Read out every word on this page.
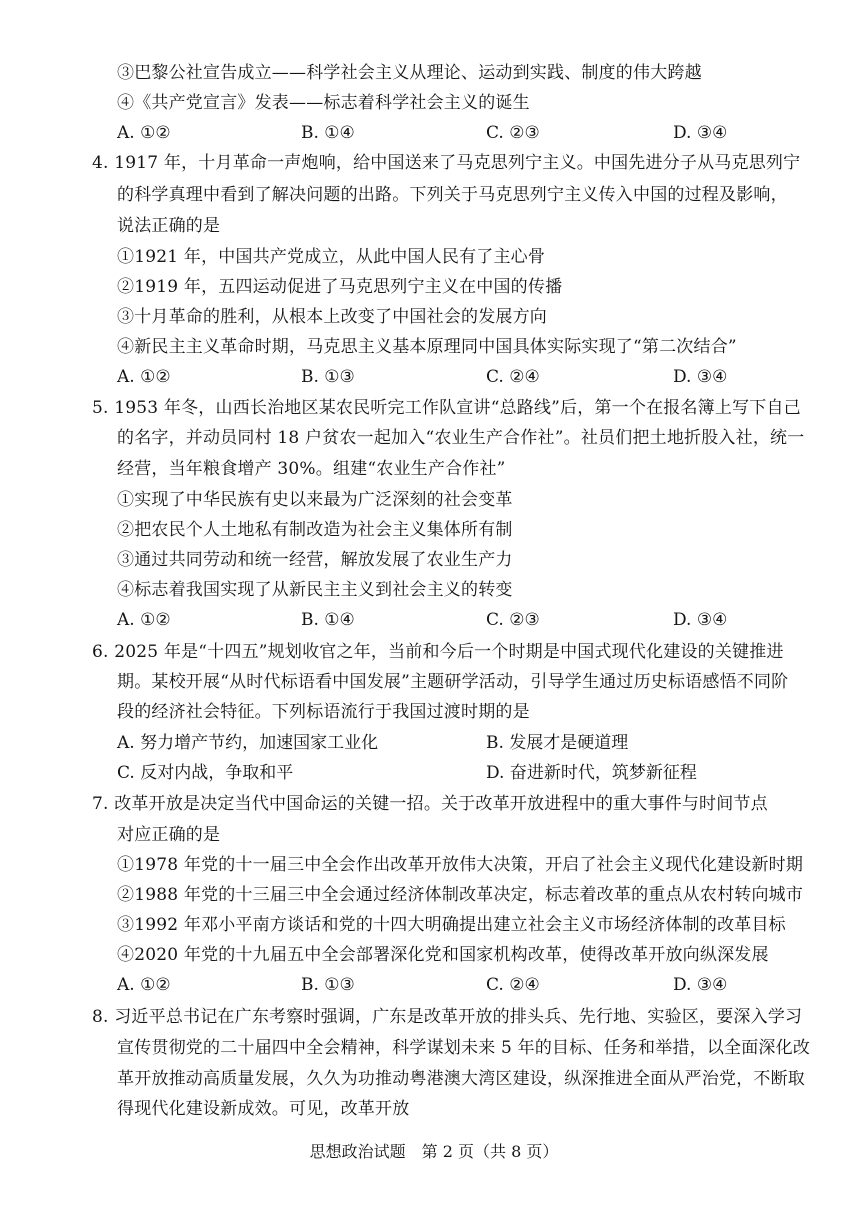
③巴黎公社宣告成立——科学社会主义从理论、运动到实践、制度的伟大跨越
④《共产党宣言》发表——标志着科学社会主义的诞生
A. ①②	B. ①④	C. ②③	D. ③④
4. 1917 年，十月革命一声炮响，给中国送来了马克思列宁主义。中国先进分子从马克思列宁
的科学真理中看到了解决问题的出路。下列关于马克思列宁主义传入中国的过程及影响，
说法正确的是
①1921 年，中国共产党成立，从此中国人民有了主心骨
②1919 年，五四运动促进了马克思列宁主义在中国的传播
③十月革命的胜利，从根本上改变了中国社会的发展方向
④新民主主义革命时期，马克思主义基本原理同中国具体实际实现了“第二次结合”
A. ①②	B. ①③	C. ②④	D. ③④
5. 1953 年冬，山西长治地区某农民听完工作队宣讲“总路线”后，第一个在报名簿上写下自己
的名字，并动员同村 18 户贫农一起加入“农业生产合作社”。社员们把土地折股入社，统一
经营，当年粮食增产 30%。组建“农业生产合作社”
①实现了中华民族有史以来最为广泛深刻的社会变革
②把农民个人土地私有制改造为社会主义集体所有制
③通过共同劳动和统一经营，解放发展了农业生产力
④标志着我国实现了从新民主主义到社会主义的转变
A. ①②	B. ①④	C. ②③	D. ③④
6. 2025 年是“十四五”规划收官之年，当前和今后一个时期是中国式现代化建设的关键推进
期。某校开展“从时代标语看中国发展”主题研学活动，引导学生通过历史标语感悟不同阶
段的经济社会特征。下列标语流行于我国过渡时期的是
A. 努力增产节约，加速国家工业化	B. 发展才是硬道理
C. 反对内战，争取和平	D. 奋进新时代，筑梦新征程
7. 改革开放是决定当代中国命运的关键一招。关于改革开放进程中的重大事件与时间节点
对应正确的是
①1978 年党的十一届三中全会作出改革开放伟大决策，开启了社会主义现代化建设新时期
②1988 年党的十三届三中全会通过经济体制改革决定，标志着改革的重点从农村转向城市
③1992 年邓小平南方谈话和党的十四大明确提出建立社会主义市场经济体制的改革目标
④2020 年党的十九届五中全会部署深化党和国家机构改革，使得改革开放向纵深发展
A. ①②	B. ①③	C. ②④	D. ③④
8. 习近平总书记在广东考察时强调，广东是改革开放的排头兵、先行地、实验区，要深入学习
宣传贯彻党的二十届四中全会精神，科学谋划未来 5 年的目标、任务和举措，以全面深化改
革开放推动高质量发展，久久为功推动粤港澳大湾区建设，纵深推进全面从严治党，不断取
得现代化建设新成效。可见，改革开放
思想政治试题　第 2 页（共 8 页）
